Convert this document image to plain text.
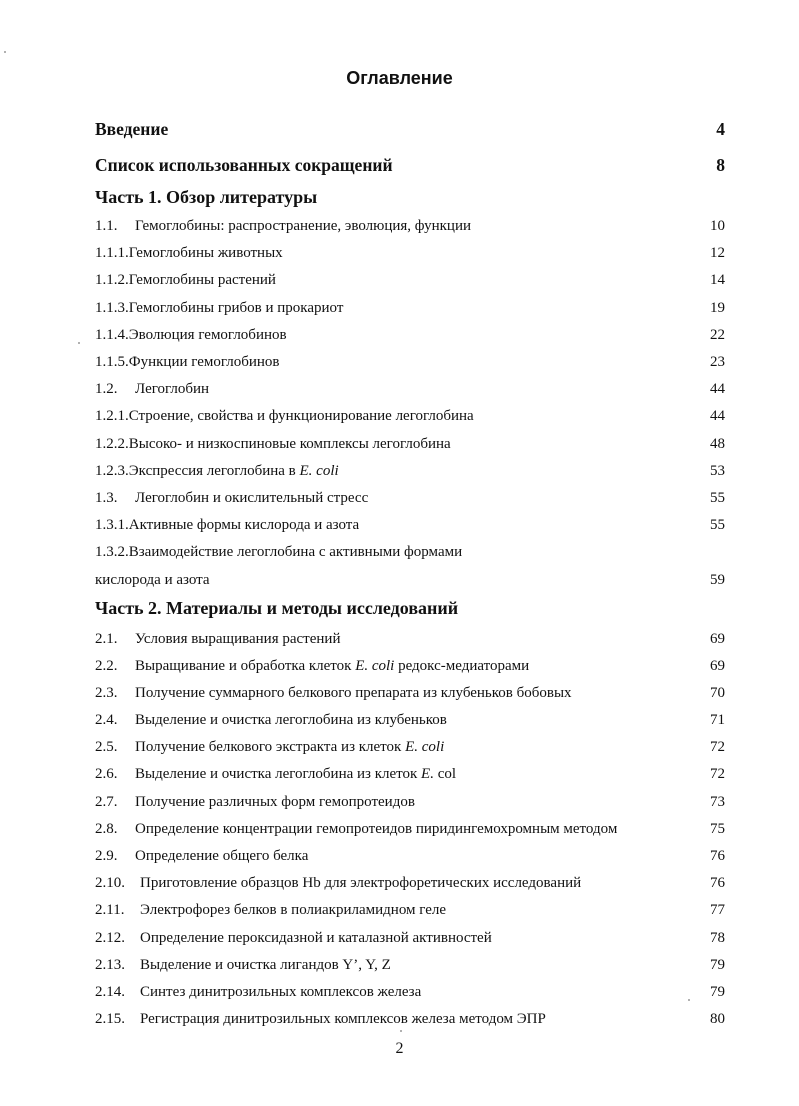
Оглавление
Введение	4
Список использованных сокращений	8
Часть 1. Обзор литературы
1.1. Гемоглобины: распространение, эволюция, функции	10
1.1.1.Гемоглобины животных	12
1.1.2.Гемоглобины растений	14
1.1.3.Гемоглобины грибов и прокариот	19
1.1.4.Эволюция гемоглобинов	22
1.1.5.Функции гемоглобинов	23
1.2. Легоглобин	44
1.2.1.Строение, свойства и функционирование легоглобина	44
1.2.2.Высоко- и низкоспиновые комплексы легоглобина	48
1.2.3.Экспрессия легоглобина в E. coli	53
1.3. Легоглобин и окислительный стресс	55
1.3.1.Активные формы кислорода и азота	55
1.3.2.Взаимодействие легоглобина с активными формами
кислорода и азота	59
Часть 2. Материалы и методы исследований
2.1. Условия выращивания растений	69
2.2. Выращивание и обработка клеток E. coli редокс-медиаторами	69
2.3. Получение суммарного белкового препарата из клубеньков бобовых	70
2.4. Выделение и очистка легоглобина из клубеньков	71
2.5. Получение белкового экстракта из клеток E. coli	72
2.6. Выделение и очистка легоглобина из клеток E. col	72
2.7. Получение различных форм гемопротеидов	73
2.8. Определение концентрации гемопротеидов пиридингемохромным методом	75
2.9. Определение общего белка	76
2.10. Приготовление образцов Hb для электрофоретических исследований	76
2.11. Электрофорез белков в полиакриламидном геле	77
2.12. Определение пероксидазной и каталазной активностей	78
2.13. Выделение и очистка лигандов Y’, Y, Z	79
2.14. Синтез динитрозильных комплексов железа	79
2.15. Регистрация динитрозильных комплексов железа методом ЭПР	80
2
